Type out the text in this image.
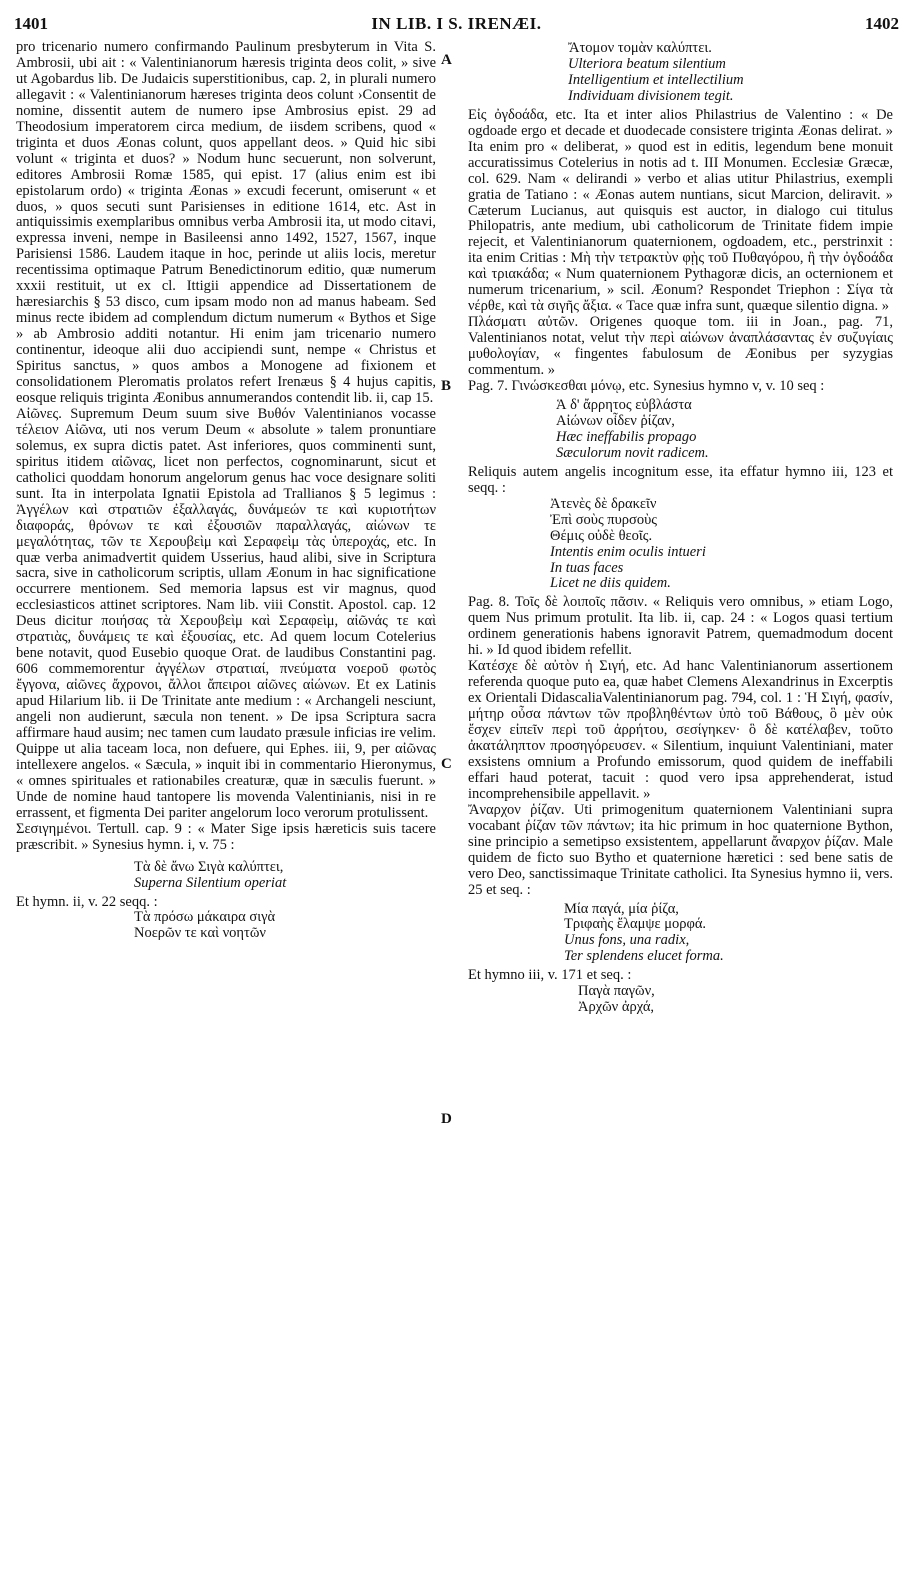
1401	IN LIB. I S. IRENÆI.	1402
A
B
C
D

pro tricenario numero confirmando Paulinum presbyterum in Vita S. Ambrosii, ubi ait : « Valentinianorum hæresis triginta deos colit, » sive ut Agobardus lib. De Judaicis superstitionibus, cap. 2, in plurali numero allegavit : « Valentinianorum hæreses triginta deos colunt ›Consentit de nomine, dissentit autem de numero ipse Ambrosius epist. 29 ad Theodosium imperatorem circa medium, de iisdem scribens, quod « triginta et duos Æonas colunt, quos appellant deos. » Quid hic sibi volunt « triginta et duos? » Nodum hunc secuerunt, non solverunt, editores Ambrosii Romæ 1585, qui epist. 17 (alius enim est ibi epistolarum ordo) « triginta Æonas » excudi fecerunt, omiserunt « et duos, » quos secuti sunt Parisienses in editione 1614, etc. Ast in antiquissimis exemplaribus omnibus verba Ambrosii ita, ut modo citavi, expressa inveni, nempe in Basileensi anno 1492, 1527, 1567, inque Parisiensi 1586. Laudem itaque in hoc, perinde ut aliis locis, meretur recentissima optimaque Patrum Benedictinorum editio, quæ numerum xxxii restituit, ut ex cl. Ittigii appendice ad Dissertationem de hæresiarchis § 53 disco, cum ipsam modo non ad manus habeam. Sed minus recte ibidem ad complendum dictum numerum « Bythos et Sige » ab Ambrosio additi notantur. Hi enim jam tricenario numero continentur, ideoque alii duo accipiendi sunt, nempe « Christus et Spiritus sanctus, » quos ambos a Monogene ad fixionem et consolidationem Pleromatis prolatos refert Irenæus § 4 hujus capitis, eosque reliquis triginta Æonibus annumerandos contendit lib. ii, cap 15.

Αἰῶνες. Supremum Deum suum sive Βυθόν Valentinianos vocasse τέλειον Αἰῶνα, uti nos verum Deum « absolute » talem pronuntiare solemus, ex supra dictis patet. Ast inferiores, quos comminenti sunt, spiritus itidem αἰῶνας, licet non perfectos, cognominarunt, sicut et catholici quoddam honorum angelorum genus hac voce designare soliti sunt. Ita in interpolata Ignatii Epistola ad Trallianos § 5 legimus : Ἀγγέλων καὶ στρατιῶν ἐξαλλαγάς, δυνάμεών τε καὶ κυριοτήτων διαφοράς, θρόνων τε καὶ ἐξουσιῶν παραλλαγάς, αἰώνων τε μεγαλότητας, τῶν τε Χερουβεὶμ καὶ Σεραφεὶμ τὰς ὑπεροχάς, etc. In quæ verba animadvertit quidem Usserius, haud alibi, sive in Scriptura sacra, sive in catholicorum scriptis, ullam Æonum in hac significatione occurrere mentionem. Sed memoria lapsus est vir magnus, quod ecclesiasticos attinet scriptores. Nam lib. viii Constit. Apostol. cap. 12 Deus dicitur ποιήσας τὰ Χερουβεὶμ καὶ Σεραφεὶμ, αἰῶνάς τε καὶ στρατιὰς, δυνάμεις τε καὶ ἐξουσίας, etc. Ad quem locum Cotelerius bene notavit, quod Eusebio quoque Orat. de laudibus Constantini pag. 606 commemorentur ἀγγέλων στρατιαί, πνεύματα νοεροῦ φωτὸς ἔγγονα, αἰῶνες ἄχρονοι, ἄλλοι ἄπειροι αἰῶνες αἰώνων. Et ex Latinis apud Hilarium lib. ii De Trinitate ante medium : « Archangeli nesciunt, angeli non audierunt, sæcula non tenent. » De ipsa Scriptura sacra affirmare haud ausim; nec tamen cum laudato præsule inficias ire velim. Quippe ut alia taceam loca, non defuere, qui Ephes. iii, 9, per αἰῶνας intellexere angelos. « Sæcula, » inquit ibi in commentario Hieronymus, « omnes spirituales et rationabiles creaturæ, quæ in sæculis fuerunt. » Unde de nomine haud tantopere lis movenda Valentinianis, nisi in re errassent, et figmenta Dei pariter angelorum loco verorum protulissent.

Σεσιγημένοι. Tertull. cap. 9 : « Mater Sige ipsis hæreticis suis tacere præscribit. » Synesius hymn. i, v. 75 :

Τὰ δὲ ἄνω Σιγὰ καλύπτει,
Superna Silentium operiat

Et hymn. ii, v. 22 seqq. :

Τὰ πρόσω μάκαιρα σιγὰ
Νοερῶν τε καὶ νοητῶν
Ἄτομον τομὰν καλύπτει.
Ulteriora beatum silentium
Intelligentium et intellectilium
Individuam divisionem tegit.

Εἰς ὀγδοάδα, etc. Ita et inter alios Philastrius de Valentino : « De ogdoade ergo et decade et duodecade consistere triginta Æonas delirat. » Ita enim pro « deliberat, » quod est in editis, legendum bene monuit accuratissimus Cotelerius in notis ad t. III Monumen. Ecclesiæ Græcæ, col. 629. Nam « delirandi » verbo et alias utitur Philastrius, exempli gratia de Tatiano : « Æonas autem nuntians, sicut Marcion, deliravit. » Cæterum Lucianus, aut quisquis est auctor, in dialogo cui titulus Philopatris, ante medium, ubi catholicorum de Trinitate fidem impie rejecit, et Valentinianorum quaternionem, ogdoadem, etc., perstrinxit : ita enim Critias : Μὴ τὴν τετρακτὺν φῂς τοῦ Πυθαγόρου, ἢ τὴν ὀγδοάδα καὶ τριακάδα; « Num quaternionem Pythagoræ dicis, an octernionem et numerum tricenarium, » scil. Æonum? Respondet Triephon : Σίγα τὰ νέρθε, καὶ τὰ σιγῆς ἄξια. « Tace quæ infra sunt, quæque silentio digna. »

Πλάσματι αὐτῶν. Origenes quoque tom. iii in Joan., pag. 71, Valentinianos notat, velut τὴν περὶ αἰώνων ἀναπλάσαντας ἐν συζυγίαις μυθολογίαν, « fingentes fabulosum de Æonibus per syzygias commentum. »

Pag. 7. Γινώσκεσθαι μόνῳ, etc. Synesius hymno v, v. 10 seq :

Ἁ δ' ἄρρητος εὐβλάστα
Αἰώνων οἶδεν ῥίζαν,
Hæc ineffabilis propago
Sæculorum novit radicem.

Reliquis autem angelis incognitum esse, ita effatur hymno iii, 123 et seqq. :

Ἀτενὲς δὲ δρακεῖν
Ἐπὶ σοὺς πυρσοὺς
Θέμις οὐδὲ θεοῖς.
Intentis enim oculis intueri
In tuas faces
Licet ne diis quidem.

Pag. 8. Τοῖς δὲ λοιποῖς πᾶσιν. « Reliquis vero omnibus, » etiam Logo, quem Nus primum protulit. Ita lib. ii, cap. 24 : « Logos quasi tertium ordinem generationis habens ignoravit Patrem, quemadmodum docent hi. » Id quod ibidem refellit.

Κατέσχε δὲ αὐτὸν ἡ Σιγή, etc. Ad hanc Valentinianorum assertionem referenda quoque puto ea, quæ habet Clemens Alexandrinus in Excerptis ex Orientali DidascaliaValentinianorum pag. 794, col. 1 : Ἡ Σιγή, φασίν, μήτηρ οὖσα πάντων τῶν προβληθέντων ὑπὸ τοῦ Βάθους, ὃ μὲν οὐκ ἔσχεν εἰπεῖν περὶ τοῦ ἀρρήτου, σεσίγηκεν· ὃ δὲ κατέλαβεν, τοῦτο ἀκατάληπτον προσηγόρευσεν. « Silentium, inquiunt Valentiniani, mater exsistens omnium a Profundo emissorum, quod quidem de ineffabili effari haud poterat, tacuit : quod vero ipsa apprehenderat, istud incomprehensibile appellavit. »

Ἄναρχον ῥίζαν. Uti primogenitum quaternionem Valentiniani supra vocabant ῥίζαν τῶν πάντων; ita hic primum in hoc quaternione Bython, sine principio a semetipso exsistentem, appellarunt ἄναρχον ῥίζαν. Male quidem de ficto suo Bytho et quaternione hæretici : sed bene satis de vero Deo, sanctissimaque Trinitate catholici. Ita Synesius hymno ii, vers. 25 et seq. :

Μία παγά, μία ῥίζα,
Τριφαὴς ἔλαμψε μορφά.
Unus fons, una radix,
Ter splendens elucet forma.

Et hymno iii, v. 171 et seq. :

Παγὰ παγῶν,
Ἀρχῶν ἀρχά,
